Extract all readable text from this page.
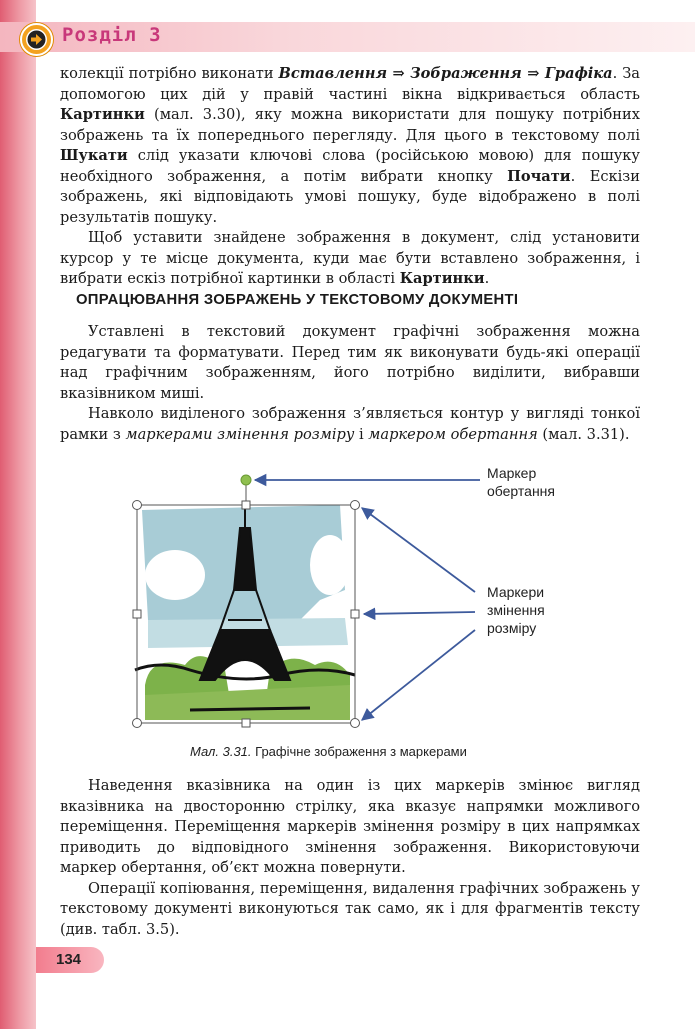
Розділ 3

колекції потрібно виконати Вставлення ⇒ Зображення ⇒ Графіка. За допомогою цих дій у правій частині вікна відкривається область Картинки (мал. 3.30), яку можна використати для пошуку потрібних зображень та їх попереднього перегляду. Для цього в текстовому полі Шукати слід указати ключові слова (російською мовою) для пошуку необхідного зображення, а потім вибрати кнопку Почати. Ескізи зображень, які відповідають умові пошуку, буде відображено в полі результатів пошуку.

Щоб уставити знайдене зображення в документ, слід установити курсор у те місце документа, куди має бути вставлено зображення, і вибрати ескіз потрібної картинки в області Картинки.

ОПРАЦЮВАННЯ ЗОБРАЖЕНЬ У ТЕКСТОВОМУ ДОКУМЕНТІ

Уставлені в текстовий документ графічні зображення можна редагувати та форматувати. Перед тим як виконувати будь-які операції над графічним зображенням, його потрібно виділити, вибравши вказівником миші.

Навколо виділеного зображення з’являється контур у вигляді тонкої рамки з маркерами змінення розміру і маркером обертання (мал. 3.31).

Маркер
обертання
Маркери
змінення
розміру
Мал. 3.31. Графічне зображення з маркерами

Наведення вказівника на один із цих маркерів змінює вигляд вказівника на двосторонню стрілку, яка вказує напрямки можливого переміщення. Переміщення маркерів змінення розміру в цих напрямках приводить до відповідного змінення зображення. Використовуючи маркер обертання, об’єкт можна повернути.

Операції копіювання, переміщення, видалення графічних зображень у текстовому документі виконуються так само, як і для фрагментів тексту (див. табл. 3.5).

134
